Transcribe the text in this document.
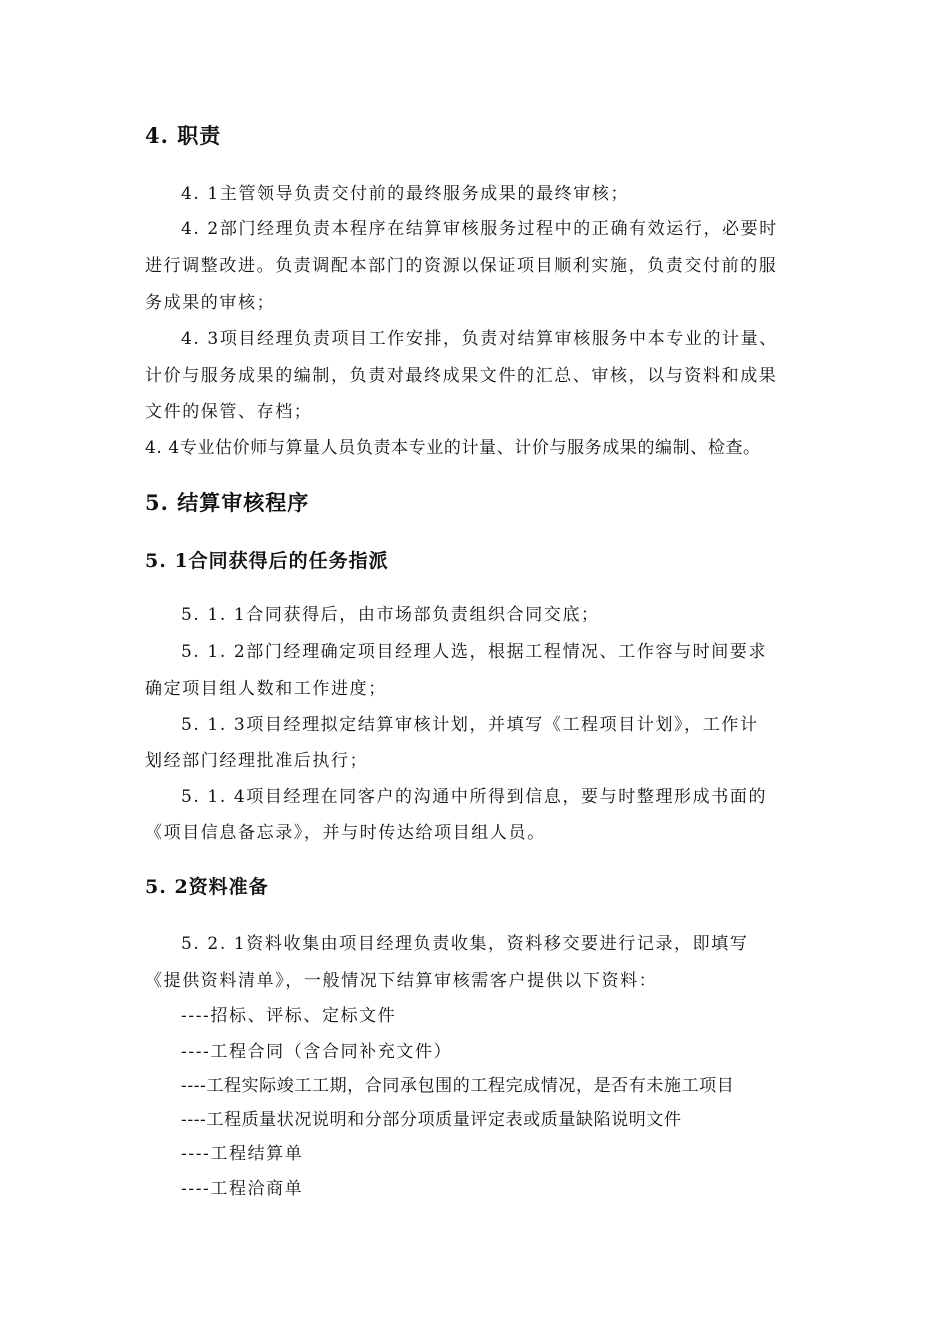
4. 职责
4. 1主管领导负责交付前的最终服务成果的最终审核；
4. 2部门经理负责本程序在结算审核服务过程中的正确有效运行，必要时
进行调整改进。负责调配本部门的资源以保证项目顺利实施，负责交付前的服
务成果的审核；
4. 3项目经理负责项目工作安排，负责对结算审核服务中本专业的计量、
计价与服务成果的编制，负责对最终成果文件的汇总、审核，以与资料和成果
文件的保管、存档；
4. 4专业估价师与算量人员负责本专业的计量、计价与服务成果的编制、检查。
5. 结算审核程序
5. 1合同获得后的任务指派
5. 1. 1合同获得后，由市场部负责组织合同交底；
5. 1. 2部门经理确定项目经理人选，根据工程情况、工作容与时间要求
确定项目组人数和工作进度；
5. 1. 3项目经理拟定结算审核计划，并填写《工程项目计划》，工作计
划经部门经理批准后执行；
5. 1. 4项目经理在同客户的沟通中所得到信息，要与时整理形成书面的
《项目信息备忘录》，并与时传达给项目组人员。
5. 2资料准备
5. 2. 1资料收集由项目经理负责收集，资料移交要进行记录，即填写
《提供资料清单》，一般情况下结算审核需客户提供以下资料：
----招标、评标、定标文件
----工程合同（含合同补充文件）
----工程实际竣工工期，合同承包围的工程完成情况，是否有未施工项目
----工程质量状况说明和分部分项质量评定表或质量缺陷说明文件
----工程结算单
----工程洽商单
